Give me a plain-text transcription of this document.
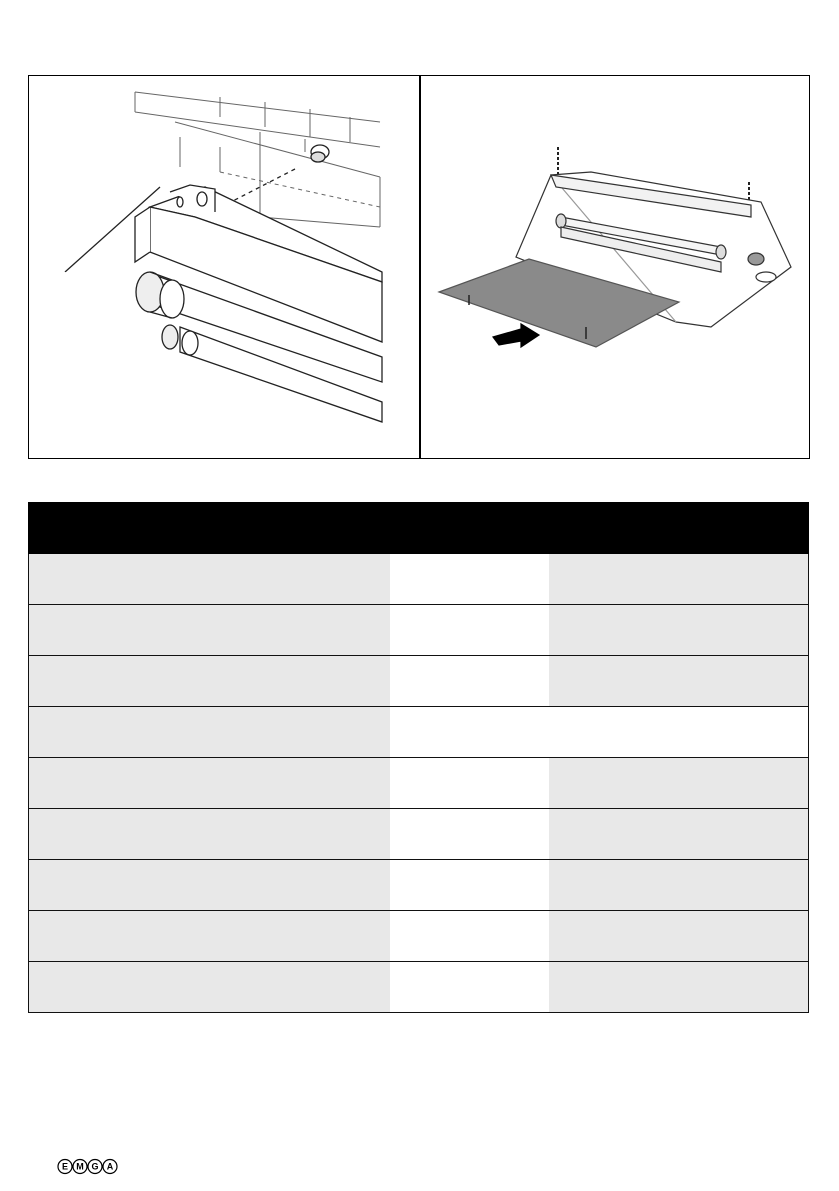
E M G A
